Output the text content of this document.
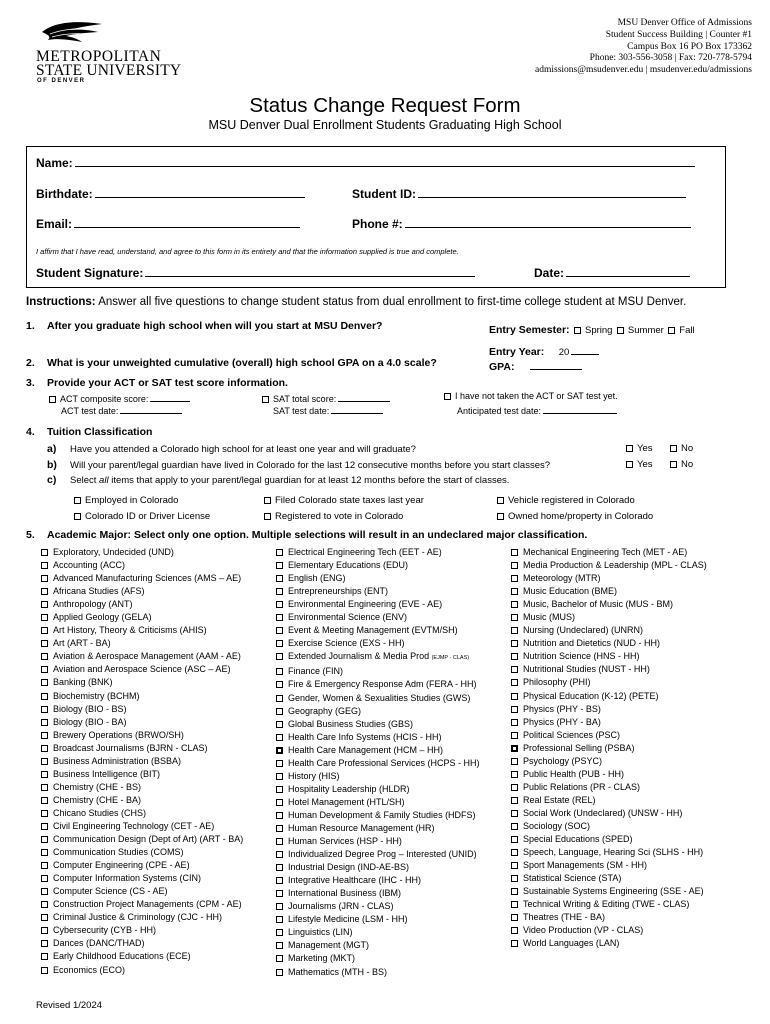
METROPOLITAN
STATE UNIVERSITY
OF DENVER
MSU Denver Office of Admissions
Student Success Building | Counter #1
Campus Box 16 PO Box 173362
Phone: 303-556-3058 | Fax: 720-778-5794
admissions@msudenver.edu | msudenver.edu/admissions
Status Change Request Form
MSU Denver Dual Enrollment Students Graduating High School
Name:
Birthdate:	Student ID:
Email:	Phone #:
I affirm that I have read, understand, and agree to this form in its entirety and that the information supplied is true and complete.
Student Signature:	Date:
Instructions: Answer all five questions to change student status from dual enrollment to first-time college student at MSU Denver.
1. After you graduate high school when will you start at MSU Denver?	Entry Semester: Spring Summer Fall
Entry Year: 20
2. What is your unweighted cumulative (overall) high school GPA on a 4.0 scale?	GPA:
3. Provide your ACT or SAT test score information.
ACT composite score:
ACT test date:
SAT total score:
SAT test date:
I have not taken the ACT or SAT test yet.
Anticipated test date:
4. Tuition Classification
a) Have you attended a Colorado high school for at least one year and will graduate?	Yes	No
b) Will your parent/legal guardian have lived in Colorado for the last 12 consecutive months before you start classes?	Yes	No
c) Select all items that apply to your parent/legal guardian for at least 12 months before the start of classes.
Employed in Colorado	Filed Colorado state taxes last year	Vehicle registered in Colorado
Colorado ID or Driver License	Registered to vote in Colorado	Owned home/property in Colorado
5. Academic Major: Select only one option. Multiple selections will result in an undeclared major classification.
Exploratory, Undecided (UND)
Accounting (ACC)
Advanced Manufacturing Sciences (AMS – AE)
Africana Studies (AFS)
Anthropology (ANT)
Applied Geology (GELA)
Art History, Theory & Criticisms (AHIS)
Art (ART - BA)
Aviation & Aerospace Management (AAM - AE)
Aviation and Aerospace Science (ASC – AE)
Banking (BNK)
Biochemistry (BCHM)
Biology (BIO - BS)
Biology (BIO - BA)
Brewery Operations (BRWO/SH)
Broadcast Journalisms (BJRN - CLAS)
Business Administration (BSBA)
Business Intelligence (BIT)
Chemistry (CHE - BS)
Chemistry (CHE - BA)
Chicano Studies (CHS)
Civil Engineering Technology (CET - AE)
Communication Design (Dept of Art) (ART - BA)
Communication Studies (COMS)
Computer Engineering (CPE - AE)
Computer Information Systems (CIN)
Computer Science (CS - AE)
Construction Project Managements (CPM - AE)
Criminal Justice & Criminology (CJC - HH)
Cybersecurity (CYB - HH)
Dances (DANC/THAD)
Early Childhood Educations (ECE)
Economics (ECO)
Electrical Engineering Tech (EET - AE)
Elementary Educations (EDU)
English (ENG)
Entrepreneurships (ENT)
Environmental Engineering (EVE - AE)
Environmental Science (ENV)
Event & Meeting Management (EVTM/SH)
Exercise Science (EXS - HH)
Extended Journalism & Media Prod (EJMP - CLAS)
Finance (FIN)
Fire & Emergency Response Adm (FERA - HH)
Gender, Women & Sexualities Studies (GWS)
Geography (GEG)
Global Business Studies (GBS)
Health Care Info Systems (HCIS - HH)
Health Care Management (HCM – HH)
Health Care Professional Services (HCPS - HH)
History (HIS)
Hospitality Leadership (HLDR)
Hotel Management (HTL/SH)
Human Development & Family Studies (HDFS)
Human Resource Management (HR)
Human Services (HSP - HH)
Individualized Degree Prog – Interested (UNID)
Industrial Design (IND-AE-BS)
Integrative Healthcare (IHC - HH)
International Business (IBM)
Journalisms (JRN - CLAS)
Lifestyle Medicine (LSM - HH)
Linguistics (LIN)
Management (MGT)
Marketing (MKT)
Mathematics (MTH - BS)
Mechanical Engineering Tech (MET - AE)
Media Production & Leadership (MPL - CLAS)
Meteorology (MTR)
Music Education (BME)
Music, Bachelor of Music (MUS - BM)
Music (MUS)
Nursing (Undeclared) (UNRN)
Nutrition and Dietetics (NUD - HH)
Nutrition Science (HNS - HH)
Nutritional Studies (NUST - HH)
Philosophy (PHI)
Physical Education (K-12) (PETE)
Physics (PHY - BS)
Physics (PHY - BA)
Political Sciences (PSC)
Professional Selling (PSBA)
Psychology (PSYC)
Public Health (PUB - HH)
Public Relations (PR - CLAS)
Real Estate (REL)
Social Work (Undeclared) (UNSW - HH)
Sociology (SOC)
Special Educations (SPED)
Speech, Language, Hearing Sci (SLHS - HH)
Sport Managements (SM - HH)
Statistical Science (STA)
Sustainable Systems Engineering (SSE - AE)
Technical Writing & Editing (TWE - CLAS)
Theatres (THE - BA)
Video Production (VP - CLAS)
World Languages (LAN)
Revised 1/2024
